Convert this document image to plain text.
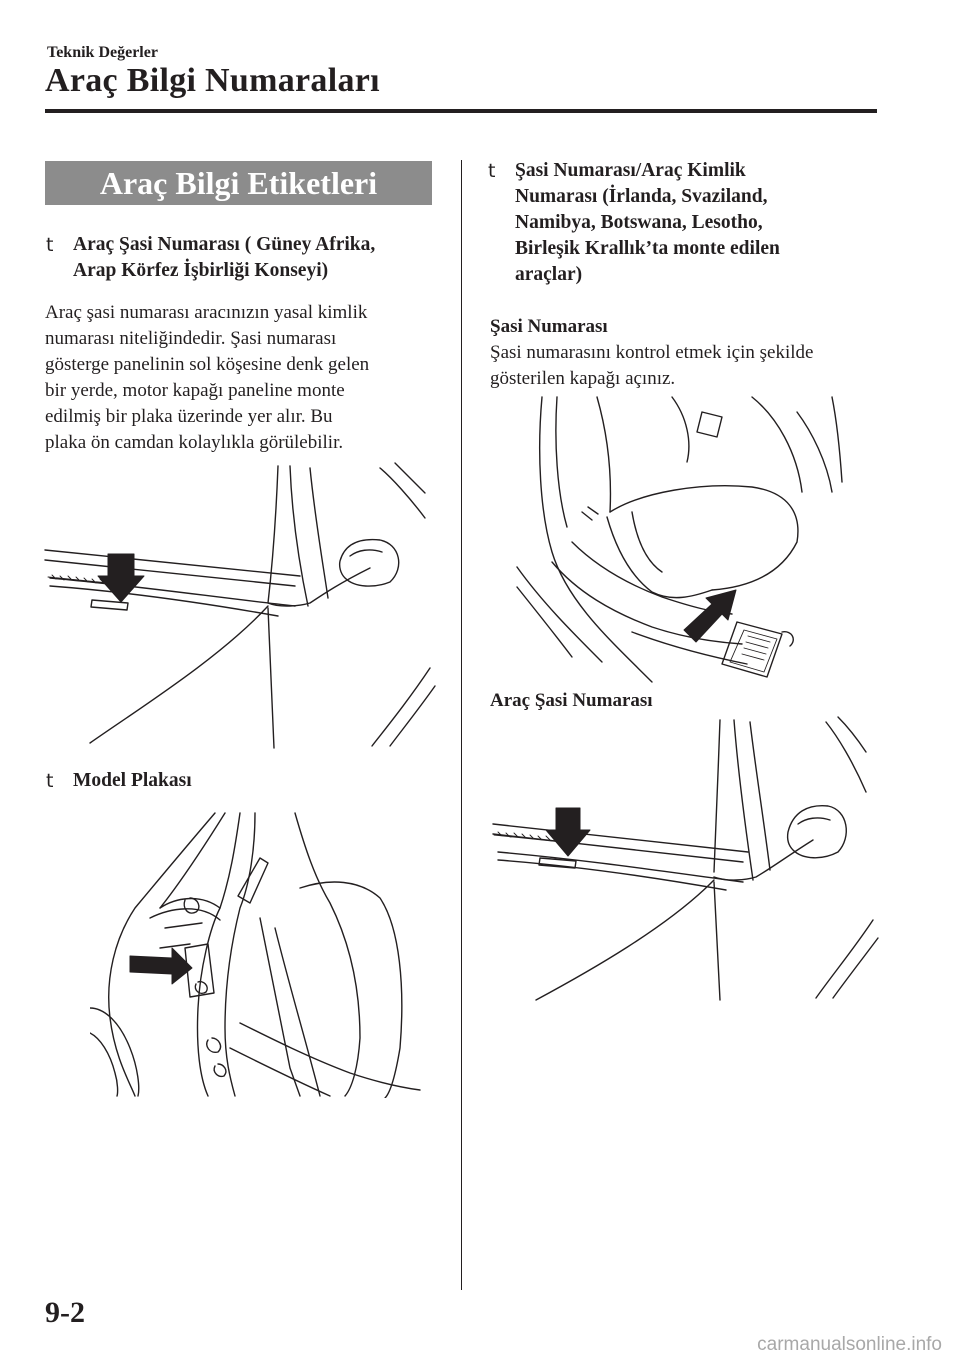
Teknik Değerler
Araç Bilgi Numaraları
Araç Bilgi Etiketleri
t Araç Şasi Numarası ( Güney Afrika,
Arap Körfez İşbirliği Konseyi)
Araç şasi numarası aracınızın yasal kimlik
numarası niteliğindedir. Şasi numarası
gösterge panelinin sol köşesine denk gelen
bir yerde, motor kapağı paneline monte
edilmiş bir plaka üzerinde yer alır. Bu
plaka ön camdan kolaylıkla görülebilir.
t Model Plakası
t Şasi Numarası/Araç Kimlik
Numarası (İrlanda, Svaziland,
Namibya, Botswana, Lesotho,
Birleşik Krallık’ta monte edilen
araçlar)
Şasi Numarası
Şasi numarasını kontrol etmek için şekilde
gösterilen kapağı açınız.
Araç Şasi Numarası
9-2
carmanualsonline.info
